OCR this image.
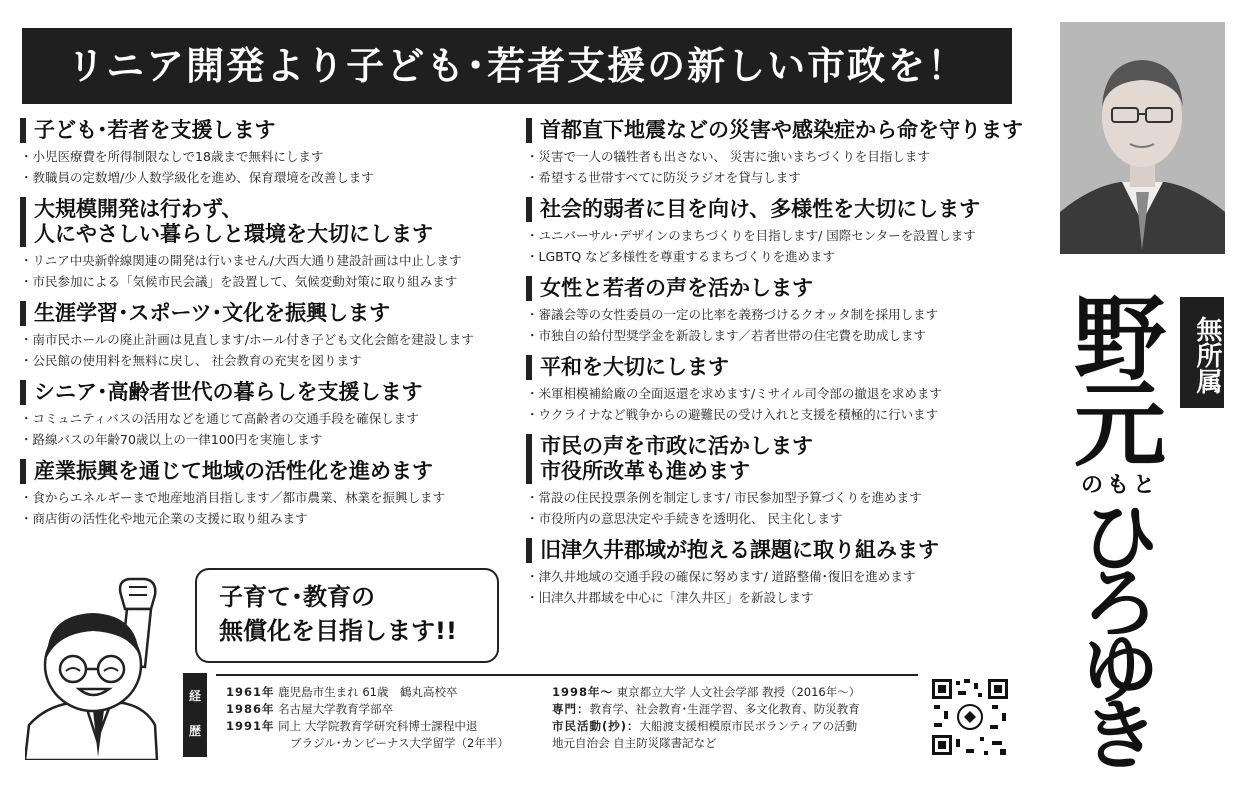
リニア開発より子ども･若者支援の新しい市政を！
子ども･若者を支援します
・小児医療費を所得制限なしで18歳まで無料にします
・教職員の定数増/少人数学級化を進め、保育環境を改善します
大規模開発は行わず、
人にやさしい暮らしと環境を大切にします
・リニア中央新幹線関連の開発は行いません/大西大通り建設計画は中止します
・市民参加による「気候市民会議」を設置して、気候変動対策に取り組みます
生涯学習･スポーツ･文化を振興します
・南市民ホールの廃止計画は見直します/ホール付き子ども文化会館を建設します
・公民館の使用料を無料に戻し、 社会教育の充実を図ります
シニア･高齢者世代の暮らしを支援します
・コミュニティバスの活用などを通じて高齢者の交通手段を確保します
・路線バスの年齢70歳以上の一律100円を実施します
産業振興を通じて地域の活性化を進めます
・食からエネルギーまで地産地消目指します／都市農業、林業を振興します
・商店街の活性化や地元企業の支援に取り組みます
首都直下地震などの災害や感染症から命を守ります
・災害で一人の犠牲者も出さない、 災害に強いまちづくりを目指します
・希望する世帯すべてに防災ラジオを貸与します
社会的弱者に目を向け、多様性を大切にします
・ユニバーサル･デザインのまちづくりを目指します/ 国際センターを設置します
・LGBTQ など多様性を尊重するまちづくりを進めます
女性と若者の声を活かします
・審議会等の女性委員の一定の比率を義務づけるクオッタ制を採用します
・市独自の給付型奨学金を新設します／若者世帯の住宅費を助成します
平和を大切にします
・米軍相模補給廠の全面返還を求めます/ミサイル司令部の撤退を求めます
・ウクライナなど戦争からの避難民の受け入れと支援を積極的に行います
市民の声を市政に活かします
市役所改革も進めます
・常設の住民投票条例を制定します/ 市民参加型予算づくりを進めます
・市役所内の意思決定や手続きを透明化、 民主化します
旧津久井郡域が抱える課題に取り組みます
・津久井地域の交通手段の確保に努めます/ 道路整備･復旧を進めます
・旧津久井郡域を中心に「津久井区」を新設します
無所属
野
元
のもと
ひ
ろ
ゆ
き
子育て･教育の
無償化を目指します!!
経
歴
1961年 鹿児島市生まれ 61歳　鶴丸高校卒
1986年 名古屋大学教育学部卒
1991年 同上 大学院教育学研究科博士課程中退
ブラジル･カンピーナス大学留学（2年半）
1998年～ 東京都立大学 人文社会学部 教授（2016年～）
専門：教育学、社会教育･生涯学習、多文化教育、防災教育
市民活動(抄)：大船渡支援相模原市民ボランティアの活動
地元自治会 自主防災隊書記など
